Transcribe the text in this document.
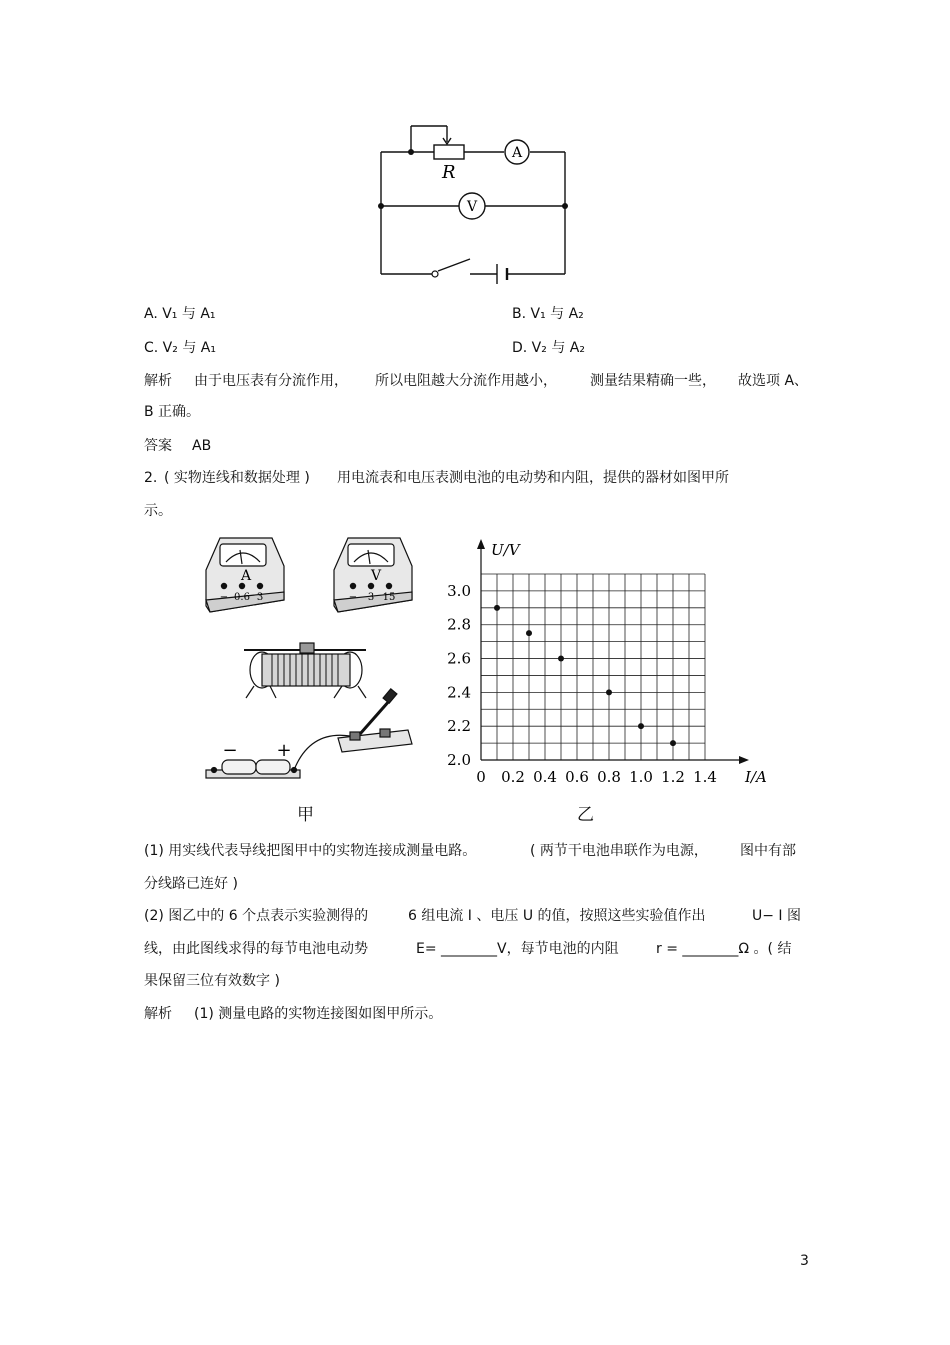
R
A
V
A. V₁ 与 A₁	B. V₁ 与 A₂
C. V₂ 与 A₁	D. V₂ 与 A₂
解析 由于电压表有分流作用， 所以电阻越大分流作用越小， 测量结果精确一些， 故选项 A、
B 正确。
答案 AB
2. ( 实物连线和数据处理 ) 用电流表和电压表测电池的电动势和内阻，提供的器材如图甲所
示。
A
− 0.6 3
V
− 3 15
− +
甲
0 0.2 0.4 0.6 0.8 1.0 1.2 1.4
2.0
2.2
2.4
2.6
2.8
3.0
I/A
U/V
乙
(1) 用实线代表导线把图甲中的实物连接成测量电路。	( 两节干电池串联作为电源， 图中有部
分线路已连好 )
(2) 图乙中的 6 个点表示实验测得的	6 组电流 I 、电压 U 的值，按照这些实验值作出	U− I 图
线，由此图线求得的每节电池电动势	E= ________V，每节电池的内阻	r = ________Ω 。( 结
果保留三位有效数字 )
解析 (1) 测量电路的实物连接图如图甲所示。
3
